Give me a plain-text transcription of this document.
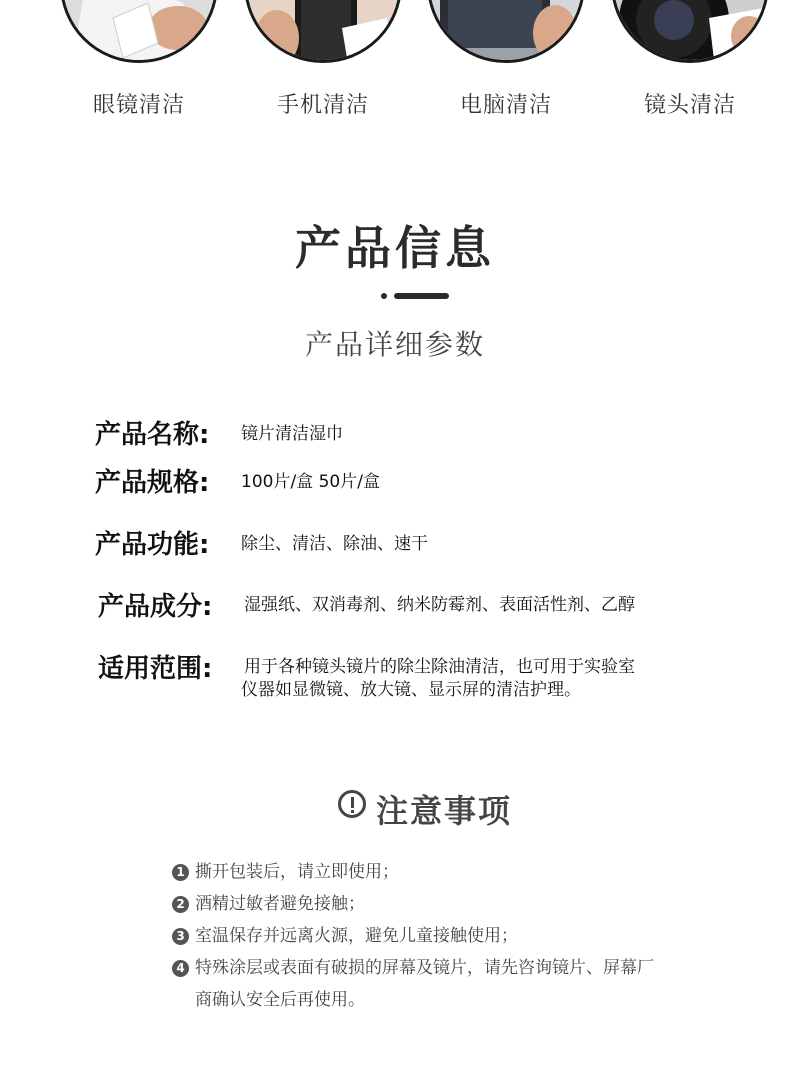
眼镜清洁	手机清洁	电脑清洁	镜头清洁
产品信息
产品详细参数
产品名称: 镜片清洁湿巾
产品规格: 100片/盒 50片/盒
产品功能: 除尘、清洁、除油、速干
产品成分: 湿强纸、双消毒剂、纳米防霉剂、表面活性剂、乙醇
适用范围: 用于各种镜头镜片的除尘除油清洁，也可用于实验室
仪器如显微镜、放大镜、显示屏的清洁护理。
注意事项
1 撕开包装后，请立即使用；
2 酒精过敏者避免接触；
3 室温保存并远离火源，避免儿童接触使用；
4 特殊涂层或表面有破损的屏幕及镜片，请先咨询镜片、屏幕厂
商确认安全后再使用。
